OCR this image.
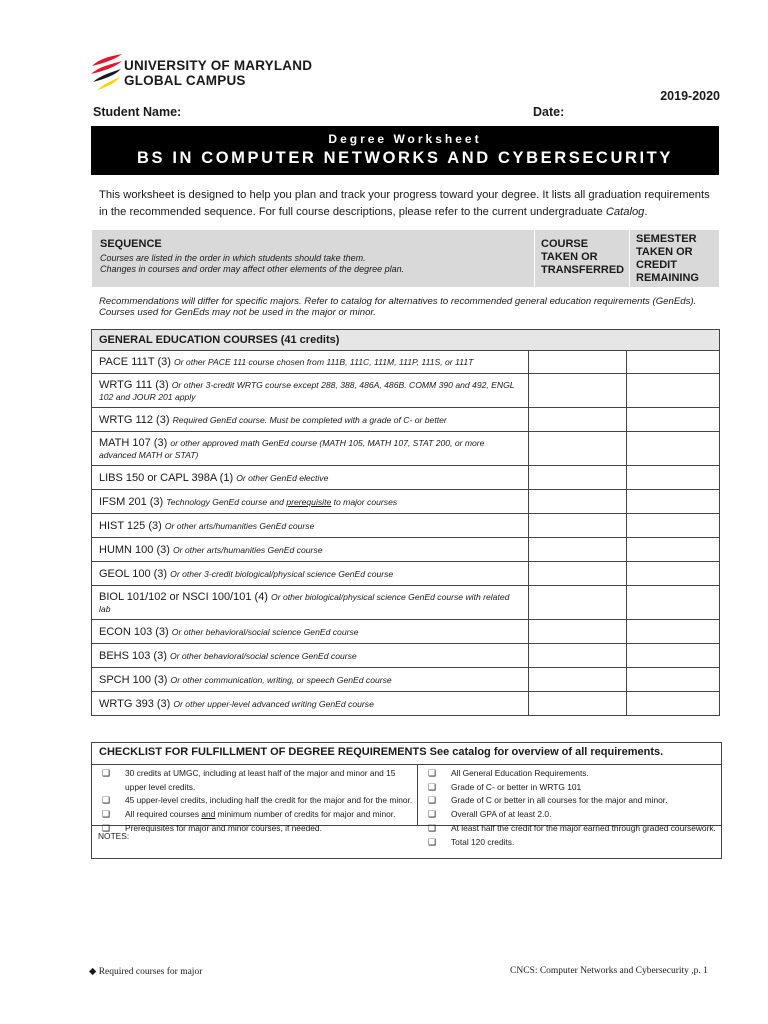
UNIVERSITY OF MARYLAND
GLOBAL CAMPUS
2019-2020
Student Name:	Date:
Degree Worksheet
BS IN COMPUTER NETWORKS AND CYBERSECURITY
This worksheet is designed to help you plan and track your progress toward your degree. It lists all graduation requirements in the recommended sequence. For full course descriptions, please refer to the current undergraduate Catalog.
SEQUENCE
Courses are listed in the order in which students should take them.
Changes in courses and order may affect other elements of the degree plan.
	COURSE TAKEN OR TRANSFERRED	SEMESTER TAKEN OR CREDIT REMAINING
Recommendations will differ for specific majors. Refer to catalog for alternatives to recommended general education requirements (GenEds). Courses used for GenEds may not be used in the major or minor.
GENERAL EDUCATION COURSES (41 credits)		
PACE 111T (3) Or other PACE 111 course chosen from 111B, 111C, 111M, 111P, 111S, or 111T		
WRTG 111 (3) Or other 3-credit WRTG course except 288, 388, 486A, 486B. COMM 390 and 492, ENGL 102 and JOUR 201 apply		
WRTG 112 (3) Required GenEd course. Must be completed with a grade of C- or better		
MATH 107 (3) or other approved math GenEd course (MATH 105, MATH 107, STAT 200, or more advanced MATH or STAT)		
LIBS 150 or CAPL 398A (1) Or other GenEd elective		
IFSM 201 (3) Technology GenEd course and prerequisite to major courses		
HIST 125 (3) Or other arts/humanities GenEd course		
HUMN 100 (3) Or other arts/humanities GenEd course		
GEOL 100 (3) Or other 3-credit biological/physical science GenEd course		
BIOL 101/102 or NSCI 100/101 (4) Or other biological/physical science GenEd course with related lab		
ECON 103 (3) Or other behavioral/social science GenEd course		
BEHS 103 (3) Or other behavioral/social science GenEd course		
SPCH 100 (3) Or other communication, writing, or speech GenEd course		
WRTG 393 (3) Or other upper-level advanced writing GenEd course		
CHECKLIST FOR FULFILLMENT OF DEGREE REQUIREMENTS See catalog for overview of all requirements.
❑	30 credits at UMGC, including at least half of the major and minor and 15 upper level credits.
❑	45 upper-level credits, including half the credit for the major and for the minor.
❑	All required courses and minimum number of credits for major and minor.
❑	Prerequisites for major and minor courses, if needed.
❑	All General Education Requirements.
❑	Grade of C- or better in WRTG 101
❑	Grade of C or better in all courses for the major and minor.
❑	Overall GPA of at least 2.0.
❑	At least half the credit for the major earned through graded coursework.
❑	Total 120 credits.
NOTES:
◆ Required courses for major	CNCS: Computer Networks and Cybersecurity ,p. 1
